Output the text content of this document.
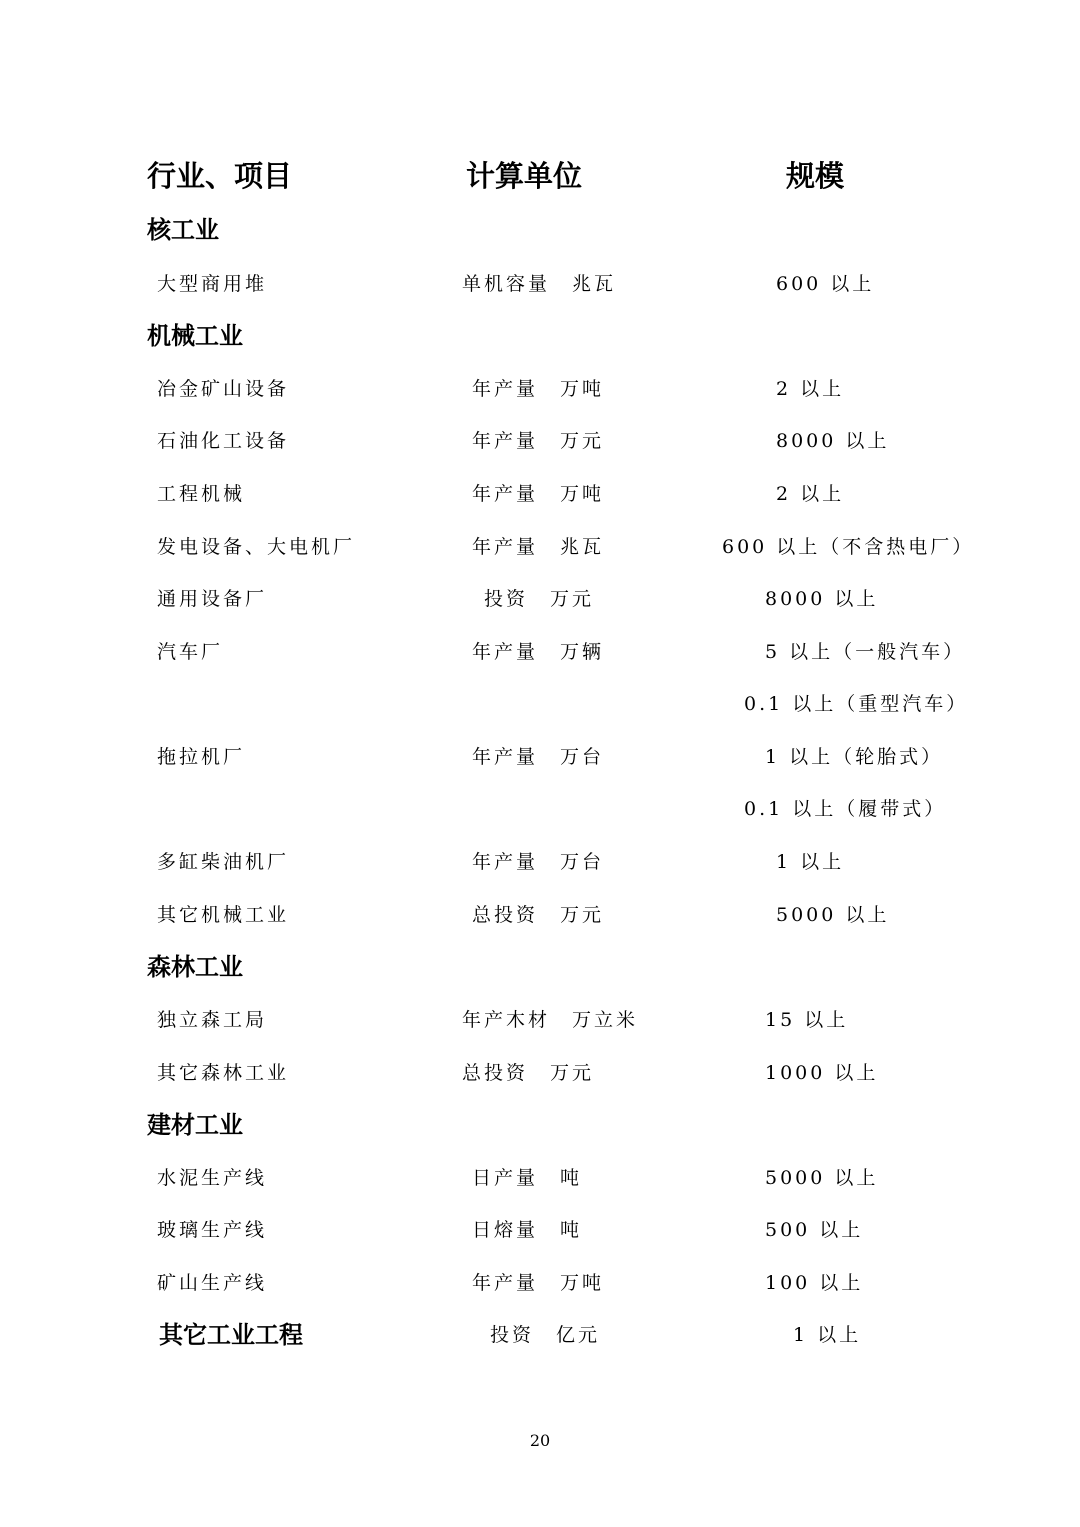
行业、项目	计算单位	规模
核工业
大型商用堆	单机容量　兆瓦	600 以上
机械工业
冶金矿山设备	年产量　万吨	2 以上
石油化工设备	年产量　万元	8000 以上
工程机械	年产量　万吨	2 以上
发电设备、大电机厂	年产量　兆瓦	600 以上（不含热电厂）
通用设备厂	投资　万元	8000 以上
汽车厂	年产量　万辆	5 以上（一般汽车）
0.1 以上（重型汽车）
拖拉机厂	年产量　万台	1 以上（轮胎式）
0.1 以上（履带式）
多缸柴油机厂	年产量　万台	1 以上
其它机械工业	总投资　万元	5000 以上
森林工业
独立森工局	年产木材　万立米	15 以上
其它森林工业	总投资　万元	1000 以上
建材工业
水泥生产线	日产量　吨	5000 以上
玻璃生产线	日熔量　吨	500 以上
矿山生产线	年产量　万吨	100 以上
其它工业工程	投资　亿元	1 以上
20
